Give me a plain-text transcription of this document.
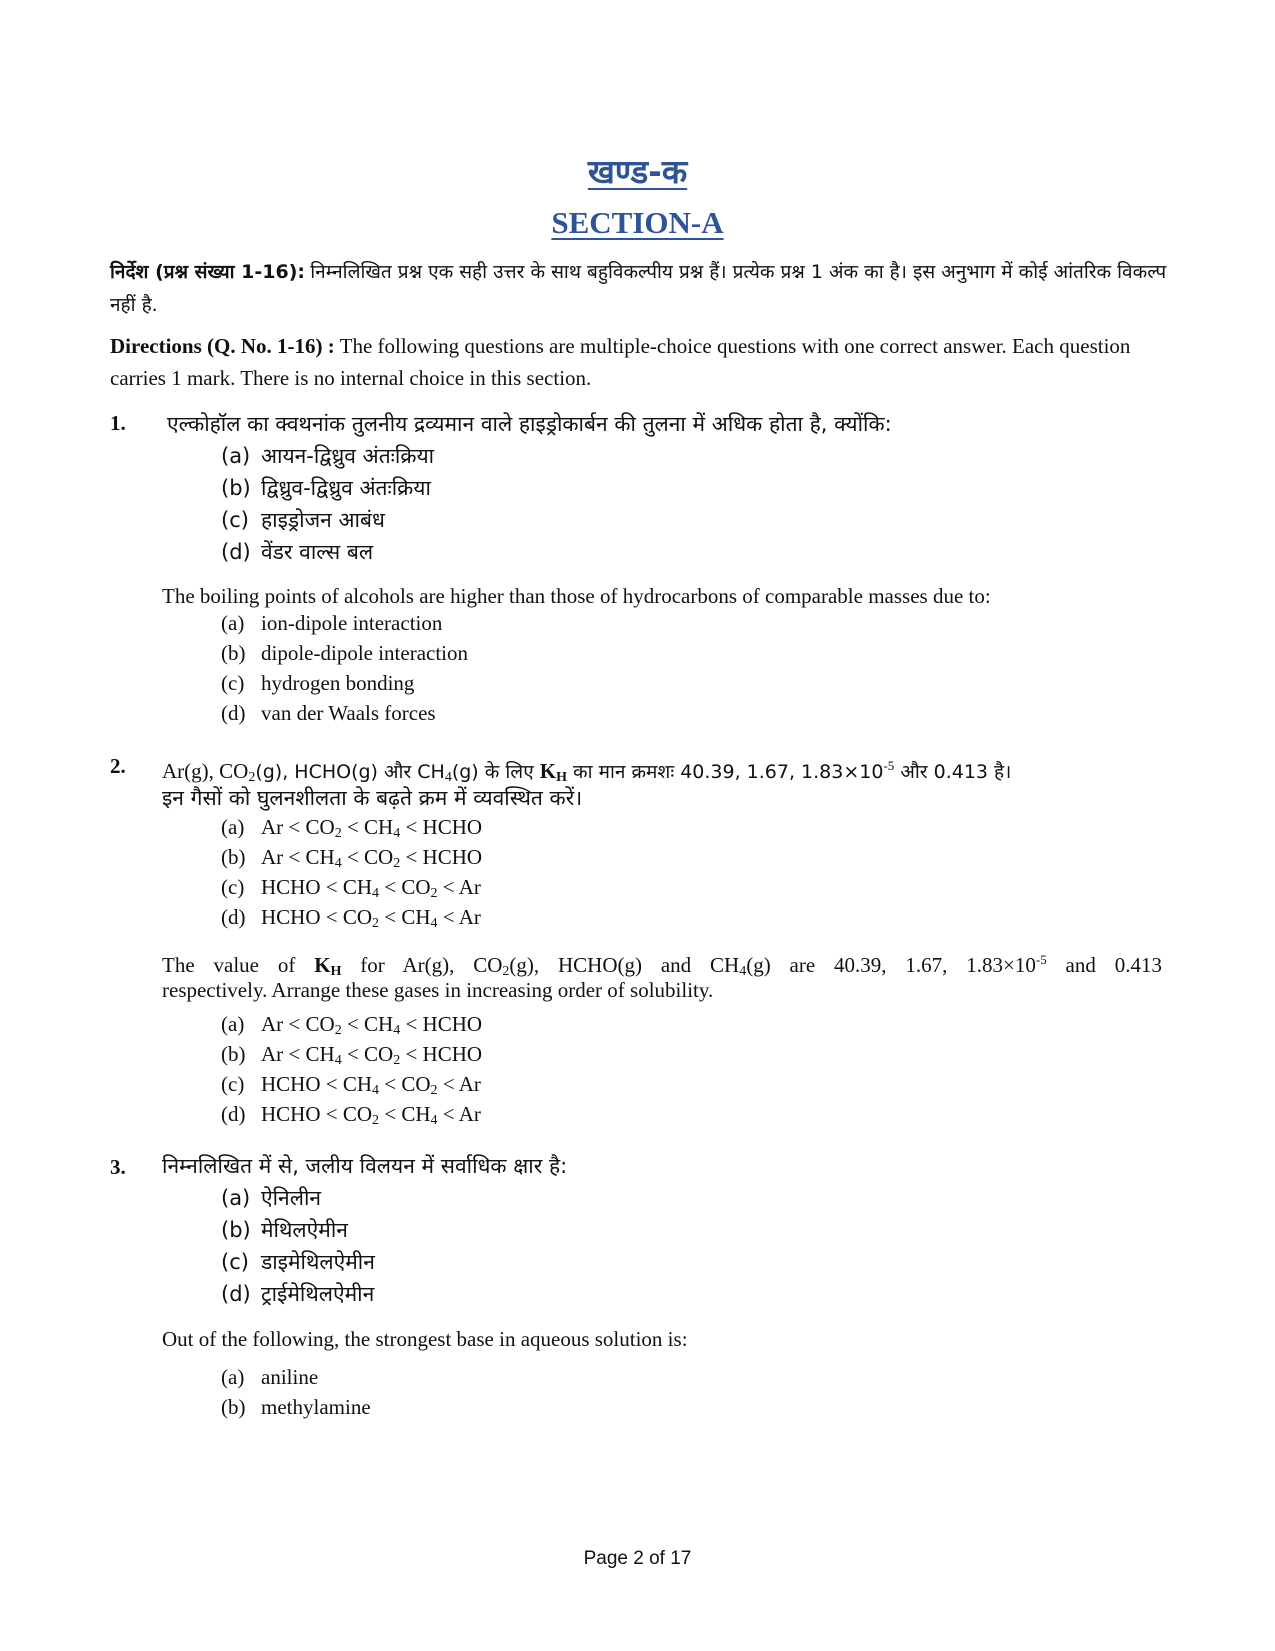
खण्ड-क
SECTION-A
निर्देश (प्रश्न संख्या 1-16): निम्नलिखित प्रश्न एक सही उत्तर के साथ बहुविकल्पीय प्रश्न हैं। प्रत्येक प्रश्न 1 अंक का है। इस अनुभाग में कोई आंतरिक विकल्प नहीं है.
Directions (Q. No. 1-16) : The following questions are multiple-choice questions with one correct answer. Each question carries 1 mark. There is no internal choice in this section.
1. एल्कोहॉल का क्वथनांक तुलनीय द्रव्यमान वाले हाइड्रोकार्बन की तुलना में अधिक होता है, क्योंकि:
(a) आयन-द्विध्रुव अंतःक्रिया
(b) द्विध्रुव-द्विध्रुव अंतःक्रिया
(c) हाइड्रोजन आबंध
(d) वेंडर वाल्स बल
The boiling points of alcohols are higher than those of hydrocarbons of comparable masses due to:
(a) ion-dipole interaction
(b) dipole-dipole interaction
(c) hydrogen bonding
(d) van der Waals forces
2. Ar(g), $CO_2(g)$, HCHO(g) और $CH_4(g)$ के लिए $K_H$ का मान क्रमशः 40.39, 1.67, $1.83\times 10^{-5}$ और 0.413 है।
इन गैसों को घुलनशीलता के बढ़ते क्रम में व्यवस्थित करें।
(a) $Ar < CO_2 < CH_4$ < HCHO
(b) $Ar < CH_4 < CO_2$ < HCHO
(c) HCHO < $CH_4 < CO_2 < Ar$
(d) HCHO < $CO_2 < CH_4 < Ar$
The value of $K_H$ for Ar(g), $CO_2(g)$, HCHO(g) and $CH_4(g)$ are 40.39, 1.67, $1.83\times 10^{-5}$ and 0.413
respectively. Arrange these gases in increasing order of solubility.
(a) $Ar < CO_2 < CH_4$ < HCHO
(b) $Ar < CH_4 < CO_2$ < HCHO
(c) HCHO < $CH_4 < CO_2 < Ar$
(d) HCHO < $CO_2 < CH_4 < Ar$
3. निम्नलिखित में से, जलीय विलयन में सर्वाधिक क्षार है:
(a) ऐनिलीन
(b) मेथिलऐमीन
(c) डाइमेथिलऐमीन
(d) ट्राईमेथिलऐमीन
Out of the following, the strongest base in aqueous solution is:
(a) aniline
(b) methylamine
Page 2 of 17
